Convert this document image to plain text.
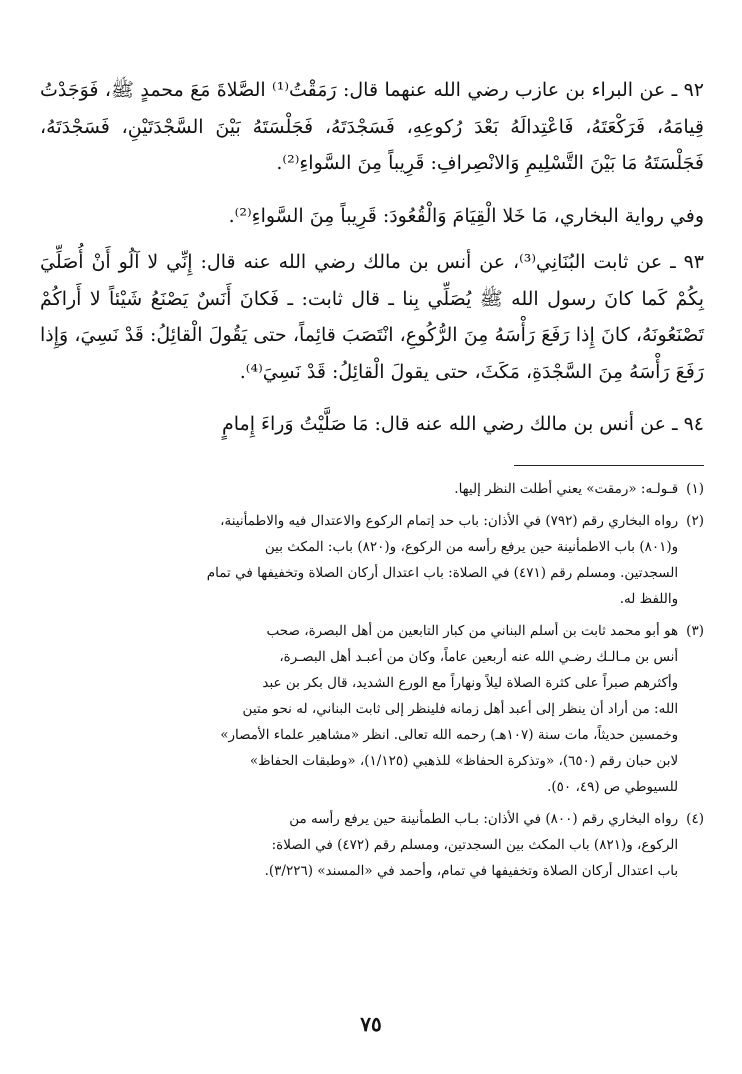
٩٢ ـ عن البراء بن عازب رضي الله عنهما قال: رَمَقْتُ⁽¹⁾ الصَّلاةَ مَعَ محمدٍ ﷺ، فَوَجَدْتُ قِيامَهُ، فَرَكْعَتَهُ، فَاعْتِدالَهُ بَعْدَ رُكوعِهِ، فَسَجْدَتَهُ، فَجَلْسَتَهُ بَيْنَ السَّجْدَتَيْنِ، فَسَجْدَتَهُ، فَجَلْسَتَهُ مَا بَيْنَ التَّسْلِيمِ وَالانْصِرافِ: قَرِيباً مِنَ السَّواءِ⁽²⁾.

وفي رواية البخاري، مَا خَلا الْقِيَامَ وَالْقُعُودَ: قَرِيباً مِنَ السَّواءِ⁽²⁾.

٩٣ ـ عن ثابت البُنَانِي⁽³⁾، عن أنس بن مالك رضي الله عنه قال: إِنِّي لا آلُو أَنْ أُصَلِّيَ بِكُمْ كَما كانَ رسول الله ﷺ يُصَلِّي بِنا ـ قال ثابت: ـ فَكانَ أَنَسٌ يَصْنَعُ شَيْئاً لا أَراكُمْ تَصْنَعُونَهُ، كانَ إِذا رَفَعَ رَأْسَهُ مِنَ الرُّكُوعِ، انْتَصَبَ قائِماً، حتى يَقُولَ الْقائِلُ: قَدْ نَسِيَ، وَإِذا رَفَعَ رَأْسَهُ مِنَ السَّجْدَةِ، مَكَثَ، حتى يقولَ الْقائِلُ: قَدْ نَسِيَ⁽⁴⁾.

٩٤ ـ عن أنس بن مالك رضي الله عنه قال: مَا صَلَّيْتُ وَراءَ إِمامٍ

(١)
قـولـه: «رمقت» يعني أطلت النظر إليها.
(٢)
رواه البخاري رقم (٧٩٢) في الأذان: باب حد إتمام الركوع والاعتدال فيه والاطمأنينة،
و(٨٠١) باب الاطمأنينة حين يرفع رأسه من الركوع، و(٨٢٠) باب: المكث بين
السجدتين. ومسلم رقم (٤٧١) في الصلاة: باب اعتدال أركان الصلاة وتخفيفها في تمام
واللفظ له.
(٣)
هو أبو محمد ثابت بن أسلم البناني من كبار التابعين من أهل البصرة، صحب
أنس بن مـالـك رضـي الله عنه أربعين عاماً، وكان من أعبـد أهل البصـرة،
وأكثرهم صبراً على كثرة الصلاة ليلاً ونهاراً مع الورع الشديد، قال بكر بن عبد
الله: من أراد أن ينظر إلى أعبد أهل زمانه فلينظر إلى ثابت البناني، له نحو متين
وخمسين حديثاً، مات سنة (١٠٧هـ) رحمه الله تعالى. انظر «مشاهير علماء الأمصار»
لابن حبان رقم (٦٥٠)، «وتذكرة الحفاظ» للذهبي (١/١٢٥)، «وطبقات الحفاظ»
للسيوطي ص (٤٩، ٥٠).
(٤)
رواه البخاري رقم (٨٠٠) في الأذان: بـاب الطمأنينة حين يرفع رأسه من
الركوع، و(٨٢١) باب المكث بين السجدتين، ومسلم رقم (٤٧٢) في الصلاة:
باب اعتدال أركان الصلاة وتخفيفها في تمام، وأحمد في «المسند» (٣/٢٢٦).
٧٥
